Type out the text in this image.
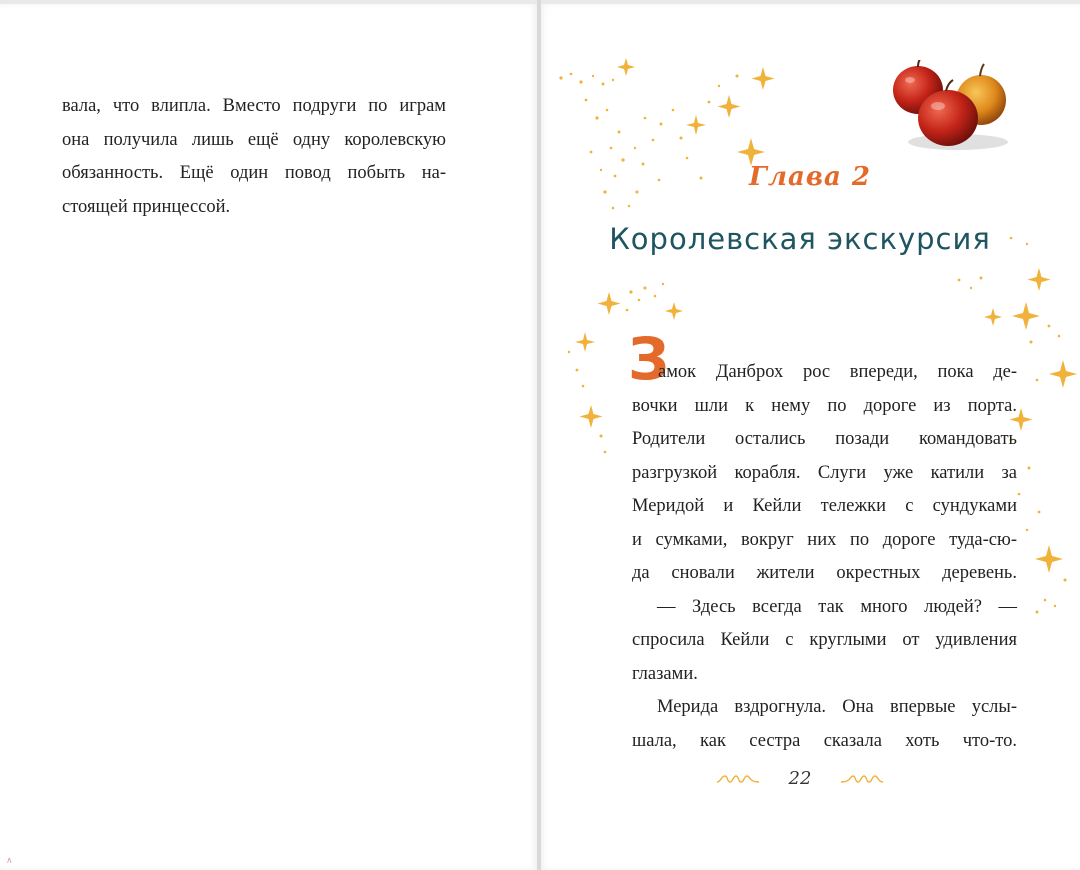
вала, что влипла. Вместо подруги по играм
она получила лишь ещё одну королевскую
обязанность. Ещё один повод побыть на-
стоящей принцессой.
Глава 2
Королевская экскурсия
З
амок Данброх рос впереди, пока де-
вочки шли к нему по дороге из порта.
Родители остались позади командовать
разгрузкой корабля. Слуги уже катили за
Меридой и Кейли тележки с сундуками
и сумками, вокруг них по дороге туда-сю-
да сновали жители окрестных деревень.
— Здесь всегда так много людей? —
спросила Кейли с круглыми от удивления
глазами.
Мерида вздрогнула. Она впервые услы-
шала, как сестра сказала хоть что-то.
22
∧
